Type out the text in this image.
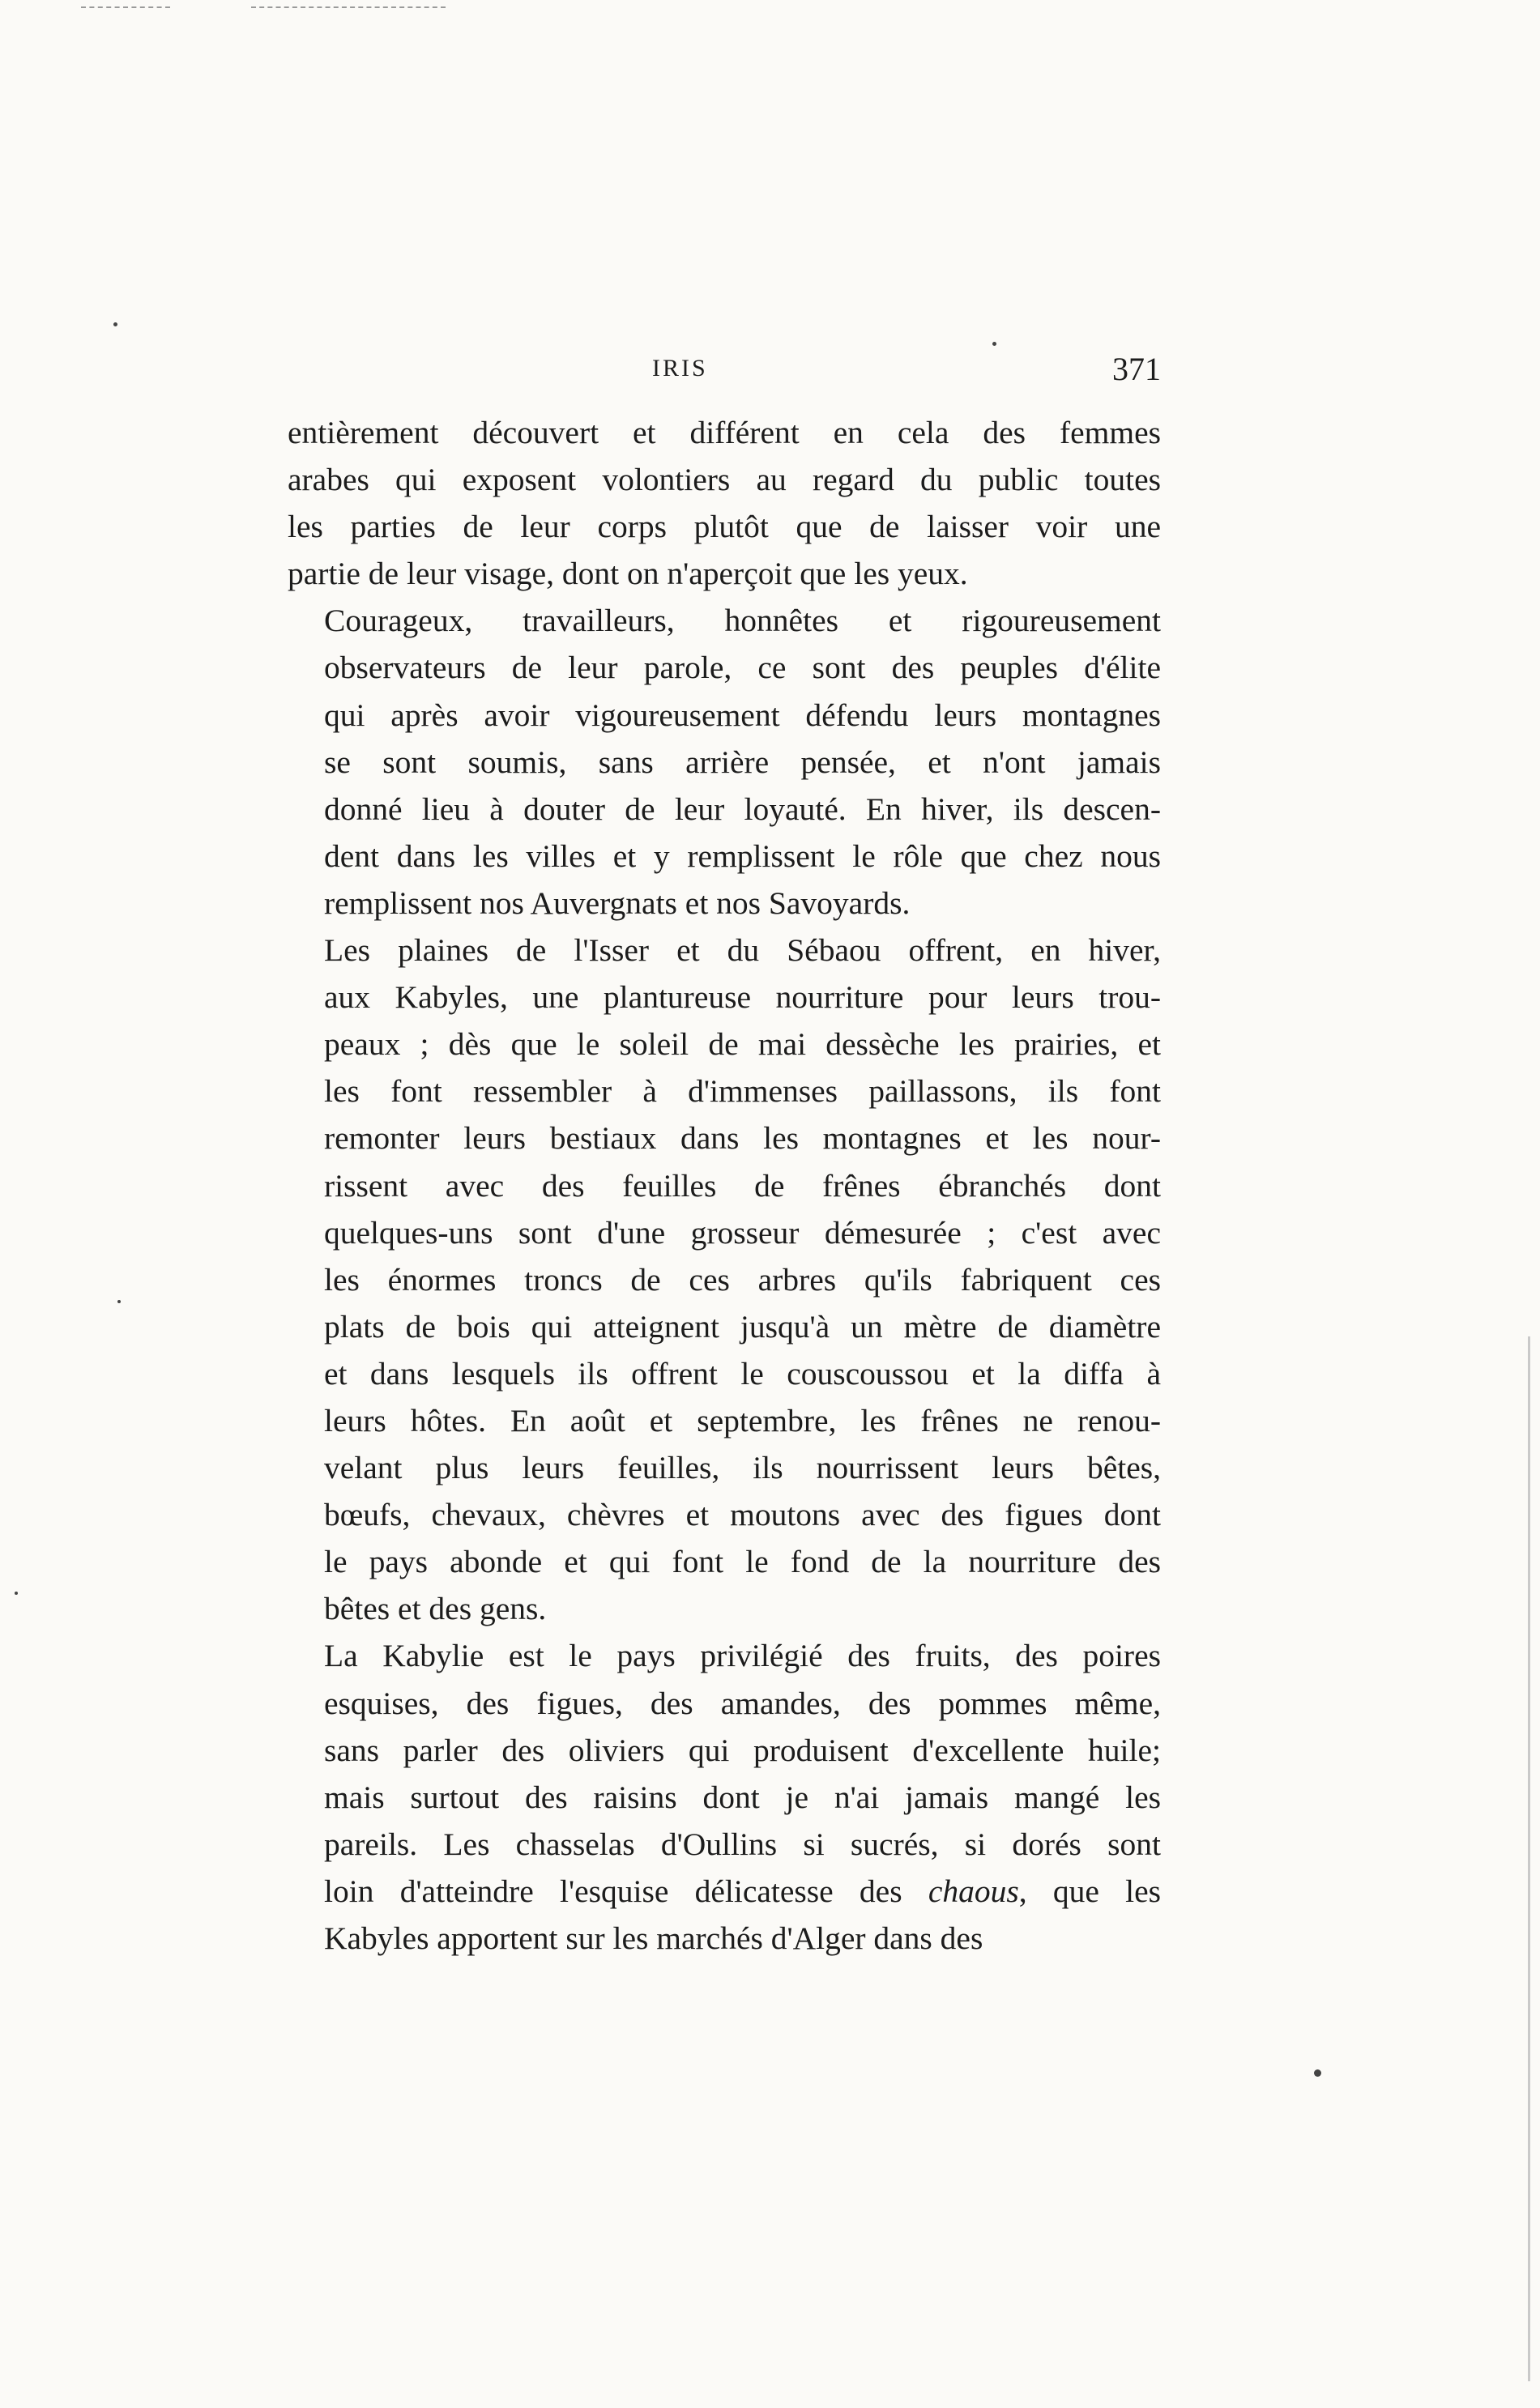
IRIS	371

entièrement découvert et différent en cela des femmes
arabes qui exposent volontiers au regard du public toutes
les parties de leur corps plutôt que de laisser voir une
partie de leur visage, dont on n'aperçoit que les yeux.

Courageux, travailleurs, honnêtes et rigoureusement
observateurs de leur parole, ce sont des peuples d'élite
qui après avoir vigoureusement défendu leurs montagnes
se sont soumis, sans arrière pensée, et n'ont jamais
donné lieu à douter de leur loyauté. En hiver, ils descen-
dent dans les villes et y remplissent le rôle que chez nous
remplissent nos Auvergnats et nos Savoyards.

Les plaines de l'Isser et du Sébaou offrent, en hiver,
aux Kabyles, une plantureuse nourriture pour leurs trou-
peaux ; dès que le soleil de mai dessèche les prairies, et
les font ressembler à d'immenses paillassons, ils font
remonter leurs bestiaux dans les montagnes et les nour-
rissent avec des feuilles de frênes ébranchés dont
quelques-uns sont d'une grosseur démesurée ; c'est avec
les énormes troncs de ces arbres qu'ils fabriquent ces
plats de bois qui atteignent jusqu'à un mètre de diamètre
et dans lesquels ils offrent le couscoussou et la diffa à
leurs hôtes. En août et septembre, les frênes ne renou-
velant plus leurs feuilles, ils nourrissent leurs bêtes,
bœufs, chevaux, chèvres et moutons avec des figues dont
le pays abonde et qui font le fond de la nourriture des
bêtes et des gens.

La Kabylie est le pays privilégié des fruits, des poires
esquises, des figues, des amandes, des pommes même,
sans parler des oliviers qui produisent d'excellente huile;
mais surtout des raisins dont je n'ai jamais mangé les
pareils. Les chasselas d'Oullins si sucrés, si dorés sont
loin d'atteindre l'esquise délicatesse des chaous, que les
Kabyles apportent sur les marchés d'Alger dans des
